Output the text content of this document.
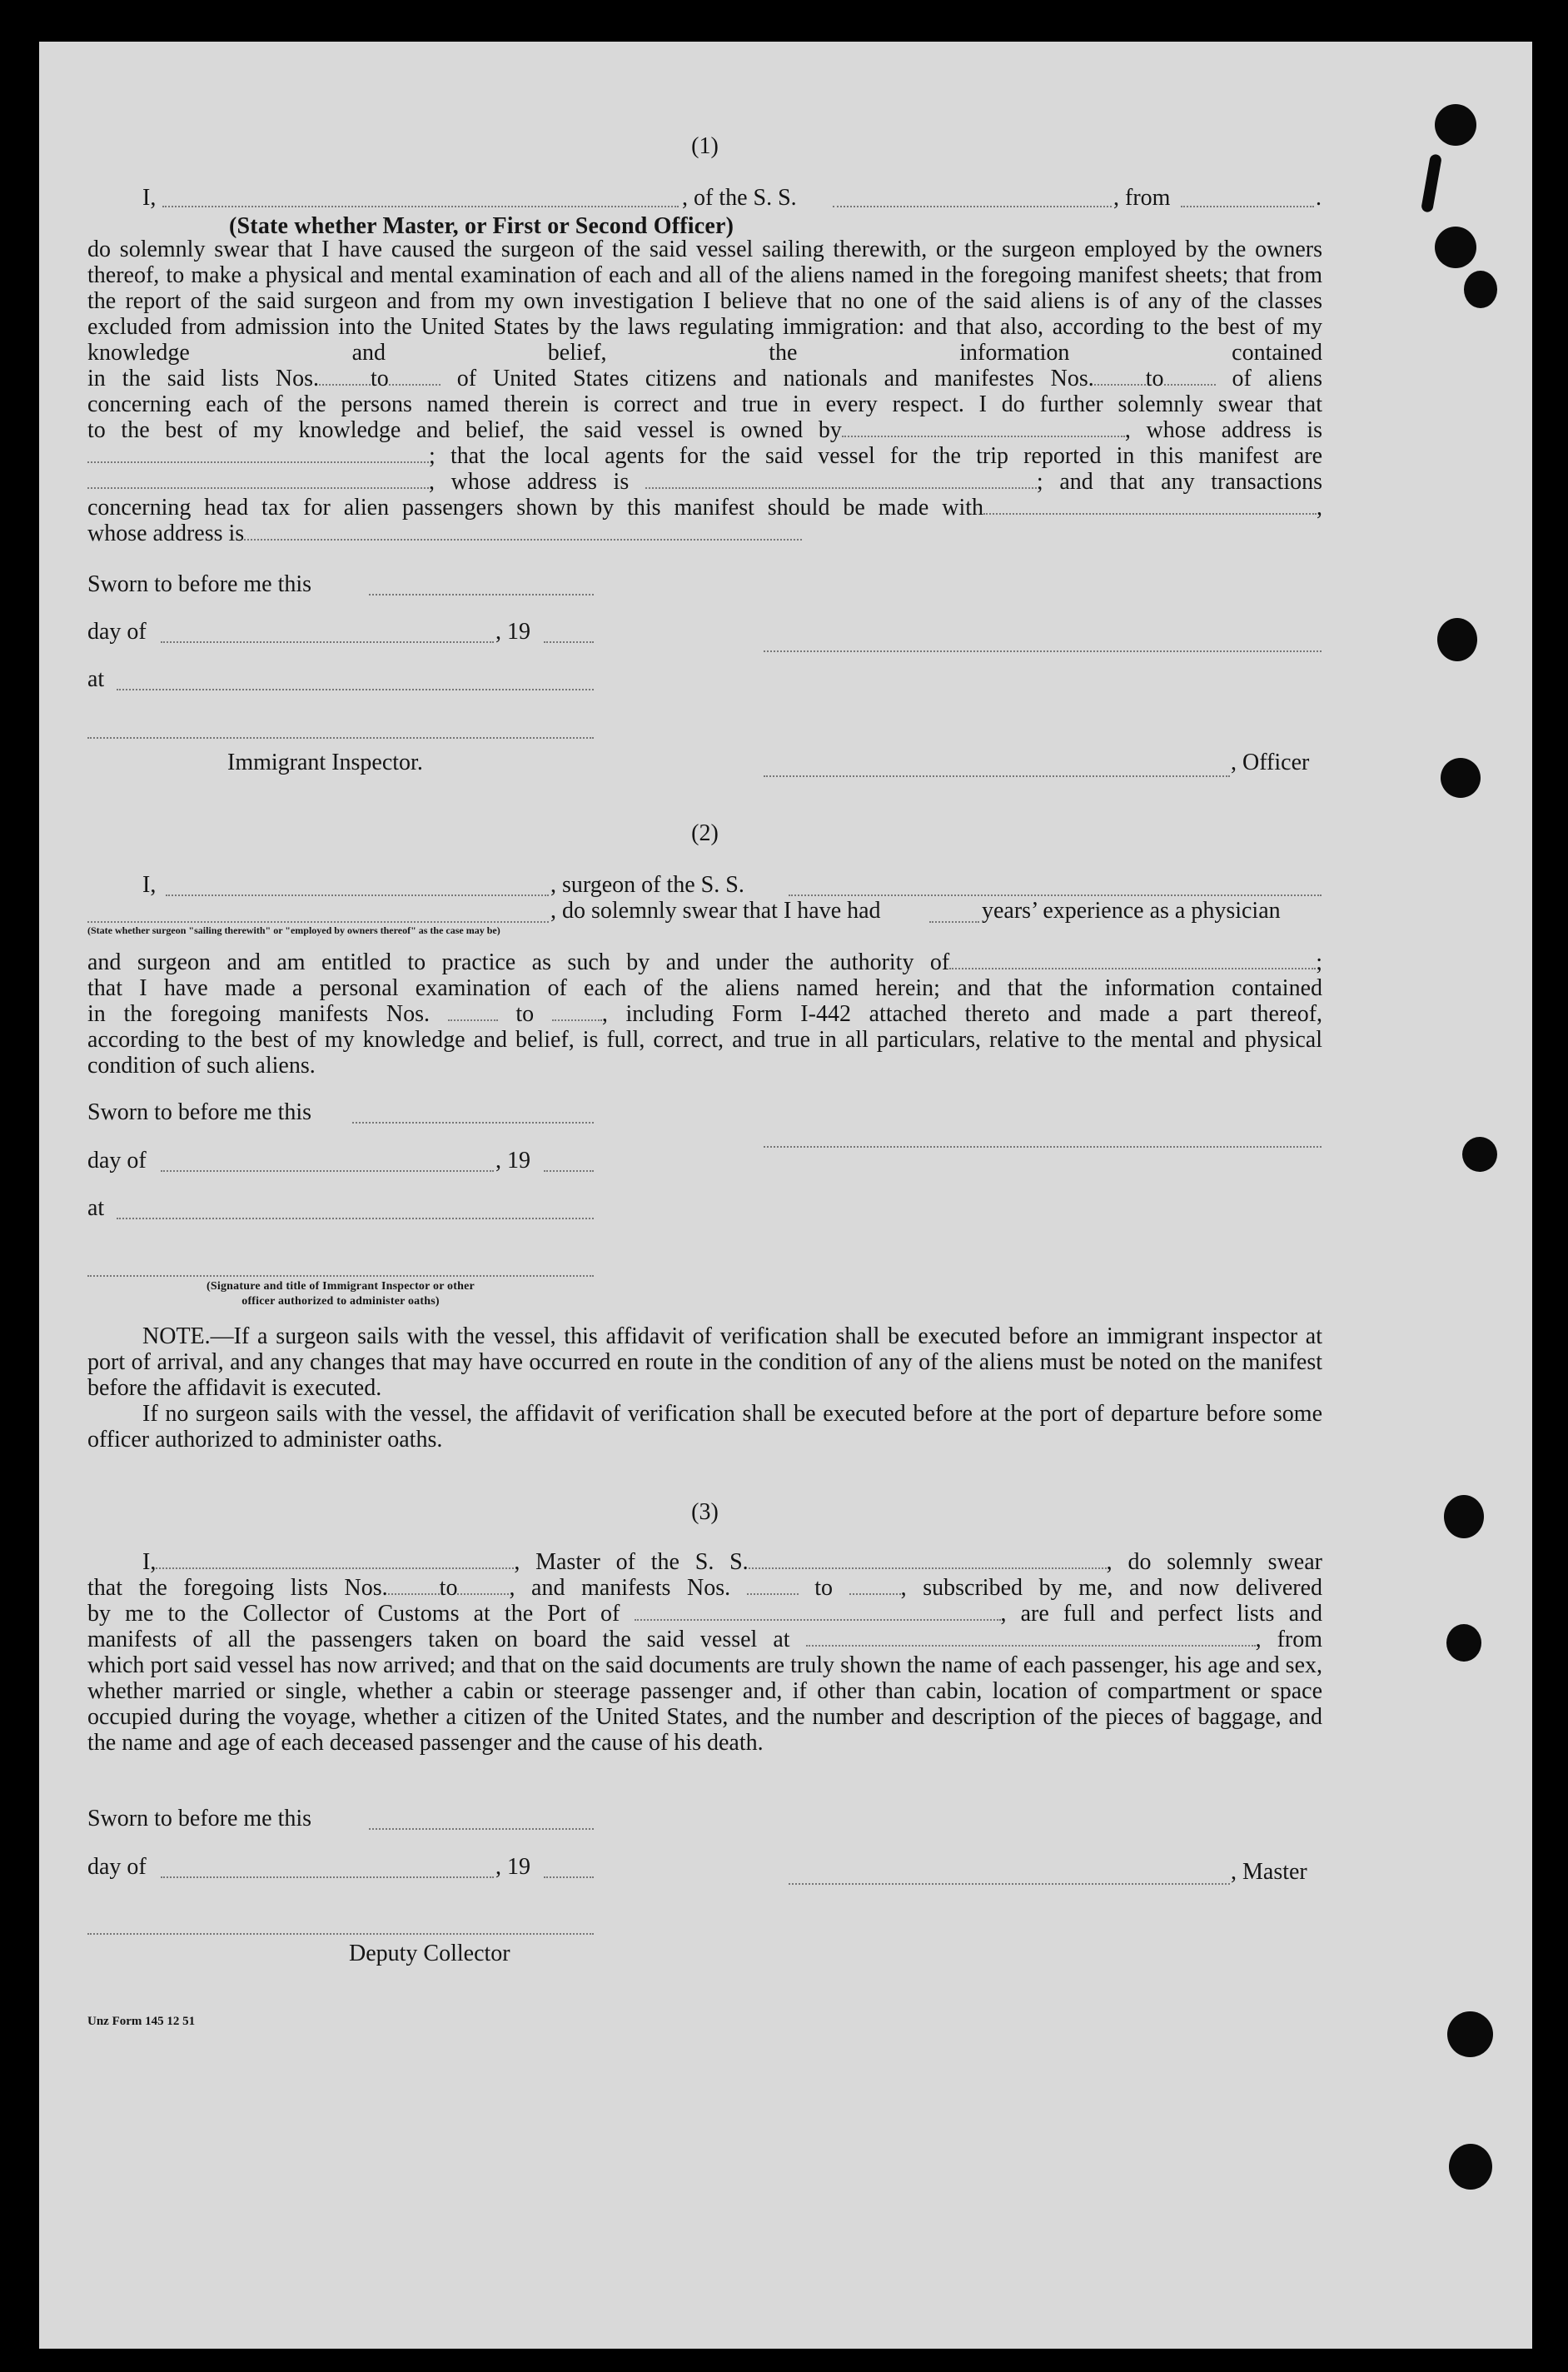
(1)
I,	, of the S. S.	, from	.
(State whether Master, or First or Second Officer)

do solemnly swear that I have caused the surgeon of the said vessel sailing therewith, or the surgeon employed by the owners thereof, to make a physical and mental examination of each and all of the aliens named in the foregoing manifest sheets; that from the report of the said surgeon and from my own investigation I believe that no one of the said aliens is of any of the classes excluded from admission into the United States by the laws regulating immigration: and that also, according to the best of my knowledge and belief, the information contained

in the said lists Nos. to	of United States citizens and nationals and manifestes Nos. to	of aliens

concerning each of the persons named therein is correct and true in every respect. I do further solemnly swear that

to the best of my knowledge and belief, the said vessel is owned by	, whose address is

; that the local agents for the said vessel for the trip reported in this manifest are

, whose address is	; and that any transactions

concerning head tax for alien passengers shown by this manifest should be made with	,

whose address is

Sworn to before me this
day of	, 19
at
Immigrant Inspector.	, Officer
(2)
I,	, surgeon of the S. S.
, do solemnly swear that I have had	years’ experience as a physician
(State whether surgeon "sailing therewith" or "employed by owners thereof" as the case may be)

and surgeon and am entitled to practice as such by and under the authority of	;

that I have made a personal examination of each of the aliens named herein; and that the information contained

in the foregoing manifests Nos.	to	, including Form I-442 attached thereto and made a part thereof,

according to the best of my knowledge and belief, is full, correct, and true in all particulars, relative to the mental and physical condition of such aliens.

Sworn to before me this
day of	, 19
at
(Signature and title of Immigrant Inspector or other
officer authorized to administer oaths)

NOTE.—If a surgeon sails with the vessel, this affidavit of verification shall be executed before an immigrant inspector at port of arrival, and any changes that may have occurred en route in the condition of any of the aliens must be noted on the manifest before the affidavit is executed.

If no surgeon sails with the vessel, the affidavit of verification shall be executed before at the port of departure before some officer authorized to administer oaths.

(3)

I,	, Master of the S. S.	, do solemnly swear

that the foregoing lists Nos. to , and manifests Nos.	to	, subscribed by me, and now delivered

by me to the Collector of Customs at the Port of	, are full and perfect lists and

manifests of all the passengers taken on board the said vessel at	, from

which port said vessel has now arrived; and that on the said documents are truly shown the name of each passenger, his age and sex, whether married or single, whether a cabin or steerage passenger and, if other than cabin, location of compartment or space occupied during the voyage, whether a citizen of the United States, and the number and description of the pieces of baggage, and the name and age of each deceased passenger and the cause of his death.

Sworn to before me this
day of	, 19	, Master
Deputy Collector
Unz Form 145 12 51
